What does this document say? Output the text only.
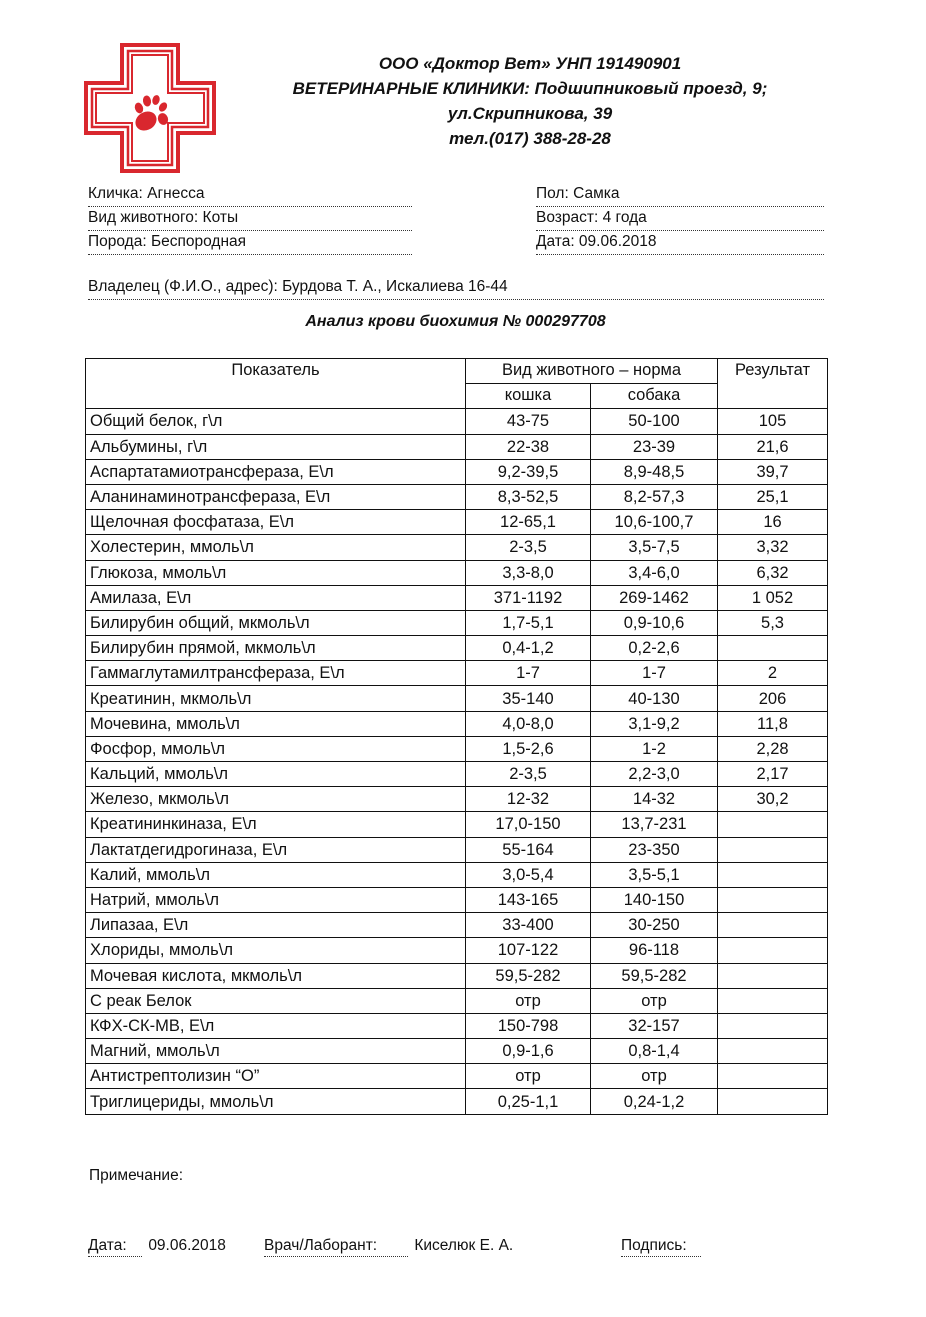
ООО «Доктор Вет» УНП 191490901
ВЕТЕРИНАРНЫЕ КЛИНИКИ: Подшипниковый проезд, 9;
ул.Скрипникова, 39
тел.(017) 388-28-28
Кличка: Агнесса
Вид животного: Коты
Порода: Беспородная
Пол: Самка
Возраст: 4 года
Дата: 09.06.2018
Владелец (Ф.И.О., адрес): Бурдова Т. А., Искалиева 16-44
Анализ крови биохимия № 000297708
Показатель	Вид животного – норма		Результат
	кошка	собака	
Общий белок, г\л	43-75	50-100	105
Альбумины, г\л	22-38	23-39	21,6
Аспартатамиотрансфераза, Е\л	9,2-39,5	8,9-48,5	39,7
Аланинаминотрансфераза, Е\л	8,3-52,5	8,2-57,3	25,1
Щелочная фосфатаза, Е\л	12-65,1	10,6-100,7	16
Холестерин, ммоль\л	2-3,5	3,5-7,5	3,32
Глюкоза, ммоль\л	3,3-8,0	3,4-6,0	6,32
Амилаза, Е\л	371-1192	269-1462	1 052
Билирубин общий, мкмоль\л	1,7-5,1	0,9-10,6	5,3
Билирубин прямой, мкмоль\л	0,4-1,2	0,2-2,6	
Гаммаглутамилтрансфераза, Е\л	1-7	1-7	2
Креатинин, мкмоль\л	35-140	40-130	206
Мочевина, ммоль\л	4,0-8,0	3,1-9,2	11,8
Фосфор, ммоль\л	1,5-2,6	1-2	2,28
Кальций, ммоль\л	2-3,5	2,2-3,0	2,17
Железо, мкмоль\л	12-32	14-32	30,2
Креатининкиназа, Е\л	17,0-150	13,7-231	
Лактатдегидрогиназа, Е\л	55-164	23-350	
Калий, ммоль\л	3,0-5,4	3,5-5,1	
Натрий, ммоль\л	143-165	140-150	
Липазаа, Е\л	33-400	30-250	
Хлориды, ммоль\л	107-122	96-118	
Мочевая кислота, мкмоль\л	59,5-282	59,5-282	
С реак Белок	отр	отр	
КФХ-СК-МВ, Е\л	150-798	32-157	
Магний, ммоль\л	0,9-1,6	0,8-1,4	
Антистрептолизин “О”	отр	отр	
Триглицериды, ммоль\л	0,25-1,1	0,24-1,2	
Примечание:
Дата: 09.06.2018 Врач/Лаборант: Киселюк Е. А.	Подпись:
